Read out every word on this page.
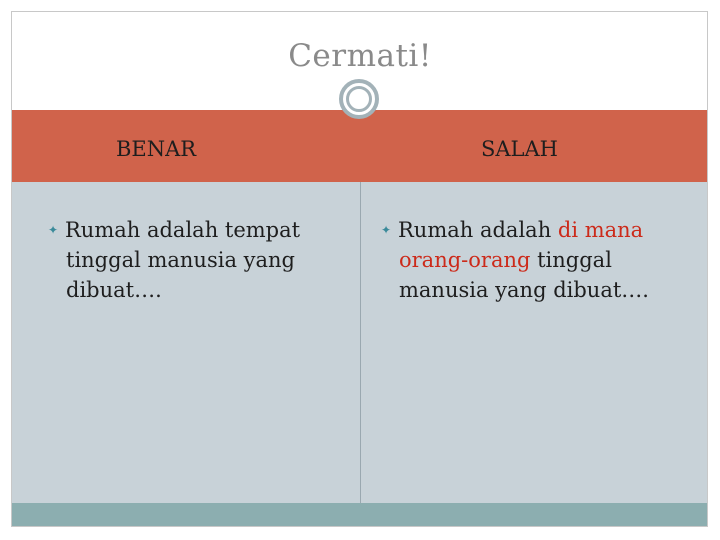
Cermati!
BENAR	SALAH

✦ Rumah adalah tempat tinggal manusia yang dibuat….

✦ Rumah adalah di mana orang-orang tinggal manusia yang dibuat….
